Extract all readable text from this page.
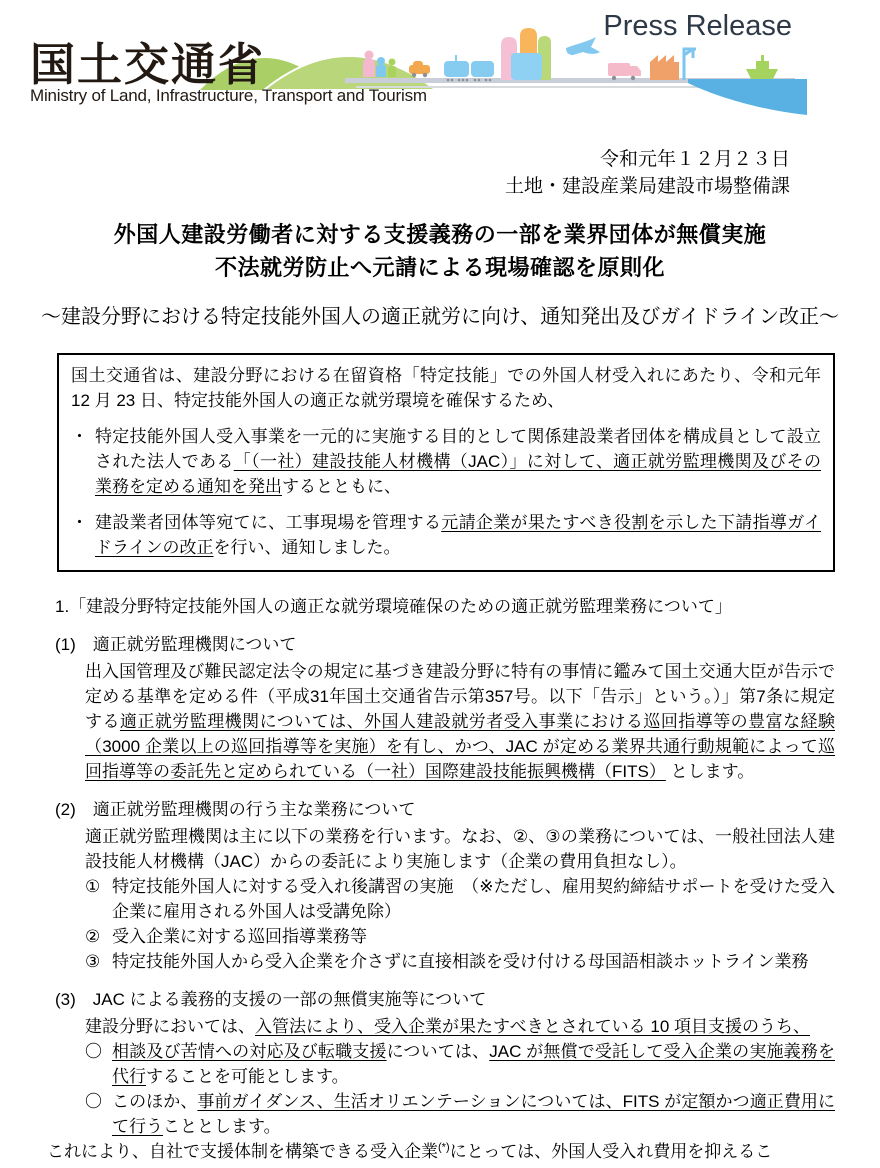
国土交通省
Ministry of Land, Infrastructure, Transport and Tourism
Press Release
令和元年１２月２３日
土地・建設産業局建設市場整備課
外国人建設労働者に対する支援義務の一部を業界団体が無償実施
不法就労防止へ元請による現場確認を原則化
～建設分野における特定技能外国人の適正就労に向け、通知発出及びガイドライン改正～

国土交通省は、建設分野における在留資格「特定技能」での外国人材受入れにあたり、令和元年 12 月 23 日、特定技能外国人の適正な就労環境を確保するため、

・ 特定技能外国人受入事業を一元的に実施する目的として関係建設業者団体を構成員として設立された法人である「（一社）建設技能人材機構（JAC）」に対して、適正就労監理機関及びその業務を定める通知を発出するとともに、
・ 建設業者団体等宛てに、工事現場を管理する元請企業が果たすべき役割を示した下請指導ガイドラインの改正を行い、通知しました。

1.「建設分野特定技能外国人の適正な就労環境確保のための適正就労監理業務について」

(1)　適正就労監理機関について

出入国管理及び難民認定法令の規定に基づき建設分野に特有の事情に鑑みて国土交通大臣が告示で定める基準を定める件（平成31年国土交通省告示第357号。以下「告示」という。）」第7条に規定する適正就労監理機関については、外国人建設就労者受入事業における巡回指導等の豊富な経験（3000 企業以上の巡回指導等を実施）を有し、かつ、JAC が定める業界共通行動規範によって巡回指導等の委託先と定められている（一社）国際建設技能振興機構（FITS） とします。

(2)　適正就労監理機関の行う主な業務について

適正就労監理機関は主に以下の業務を行います。なお、②、③の業務については、一般社団法人建設技能人材機構（JAC）からの委託により実施します（企業の費用負担なし）。

① 特定技能外国人に対する受入れ後講習の実施　（※ただし、雇用契約締結サポートを受けた受入企業に雇用される外国人は受講免除）
② 受入企業に対する巡回指導業務等
③ 特定技能外国人から受入企業を介さずに直接相談を受け付ける母国語相談ホットライン業務

(3)　JAC による義務的支援の一部の無償実施等について

建設分野においては、入管法により、受入企業が果たすべきとされている 10 項目支援のうち、

〇 相談及び苦情への対応及び転職支援については、JAC が無償で受託して受入企業の実施義務を代行することを可能とします。
〇 このほか、事前ガイダンス、生活オリエンテーションについては、FITS が定額かつ適正費用にて行うこととします。

これにより、自社で支援体制を構築できる受入企業(*)にとっては、外国人受入れ費用を抑えるこ
